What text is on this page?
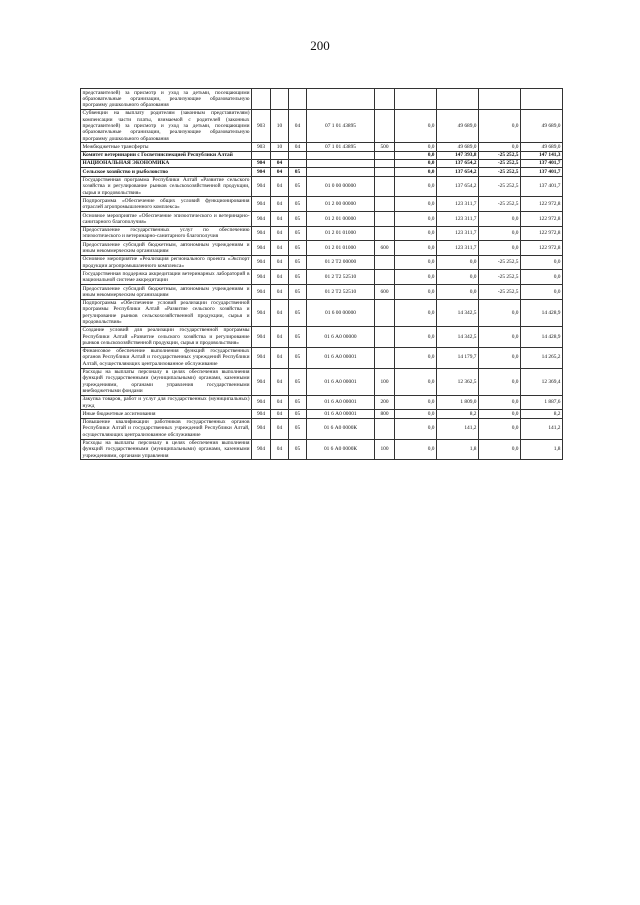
200
представителей) за присмотр и уход за детьми, посещающими образовательные организации, реализующие образовательную программу дошкольного образования									
Субвенции на выплату родителям (законным представителям) компенсации части платы, взимаемой с родителей (законных представителей) за присмотр и уход за детьми, посещающими образовательные организации, реализующие образовательную программу дошкольного образования	903	10	04	07 1 01 43895		0,0	49 689,0	0,0	49 689,0
Межбюджетные трансферты	903	10	04	07 1 01 43895	500	0,0	49 689,0	0,0	49 689,0
Комитет ветеринарии с Госветинспекцией Республики Алтай						0,0	147 393,8	-25 252,5	147 141,3
НАЦИОНАЛЬНАЯ ЭКОНОМИКА	904	04				0,0	137 654,2	-25 252,5	137 401,7
Сельское хозяйство и рыболовство	904	04	05			0,0	137 654,2	-25 252,5	137 401,7
Государственная программа Республики Алтай «Развитие сельского хозяйства и регулирование рынков сельскохозяйственной продукции, сырья и продовольствия»	904	04	05	01 0 00 00000		0,0	137 654,2	-25 252,5	137 401,7
Подпрограмма «Обеспечение общих условий функционирования отраслей агропромышленного комплекса»	904	04	05	01 2 00 00000		0,0	123 311,7	-25 252,5	122 972,8
Основное мероприятие «Обеспечение эпизоотического и ветеринарно-санитарного благополучия»	904	04	05	01 2 01 00000		0,0	123 311,7	0,0	122 972,8
Предоставление государственных услуг по обеспечению эпизоотического и ветеринарно-санитарного благополучия	904	04	05	01 2 01 01000		0,0	123 311,7	0,0	122 972,8
Предоставление субсидий бюджетным, автономным учреждениям и иным некоммерческим организациям	904	04	05	01 2 01 01000	600	0,0	123 311,7	0,0	122 972,8
Основное мероприятие «Реализация регионального проекта «Экспорт продукции агропромышленного комплекса»	904	04	05	01 2 T2 00000		0,0	0,0	-25 252,5	0,0
Государственная поддержка аккредитации ветеринарных лабораторий в национальной системе аккредитации	904	04	05	01 2 T2 52510		0,0	0,0	-25 252,5	0,0
Предоставление субсидий бюджетным, автономным учреждениям и иным некоммерческим организациям	904	04	05	01 2 T2 52510	600	0,0	0,0	-25 252,5	0,0
Подпрограмма «Обеспечение условий реализации государственной программы Республики Алтай «Развитие сельского хозяйства и регулирование рынков сельскохозяйственной продукции, сырья и продовольствия»	904	04	05	01 6 00 00000		0,0	14 342,5	0,0	14 428,9
Создание условий для реализации государственной программы Республики Алтай «Развитие сельского хозяйства и регулирование рынков сельскохозяйственной продукции, сырья и продовольствия»	904	04	05	01 6 А0 00000		0,0	14 342,5	0,0	14 428,9
Финансовое обеспечение выполнения функций государственных органов Республики Алтай и государственных учреждений Республики Алтай, осуществляющих централизованное обслуживание	904	04	05	01 6 А0 00001		0,0	14 179,7	0,0	14 265,2
Расходы на выплаты персоналу в целях обеспечения выполнения функций государственными (муниципальными) органами, казенными учреждениями, органами управления государственными внебюджетными фондами	904	04	05	01 6 А0 00001	100	0,0	12 362,5	0,0	12 369,4
Закупка товаров, работ и услуг для государственных (муниципальных) нужд	904	04	05	01 6 А0 00001	200	0,0	1 809,0	0,0	1 887,6
Иные бюджетные ассигнования	904	04	05	01 6 А0 00001	800	0,0	8,2	0,0	8,2
Повышение квалификации работников государственных органов Республики Алтай и государственных учреждений Республики Алтай, осуществляющих централизованное обслуживание	904	04	05	01 6 А0 0000К		0,0	141,2	0,0	141,2
Расходы на выплаты персоналу в целях обеспечения выполнения функций государственными (муниципальными) органами, казенными учреждениями, органами управления	904	04	05	01 6 А0 0000К	100	0,0	1,8	0,0	1,8
